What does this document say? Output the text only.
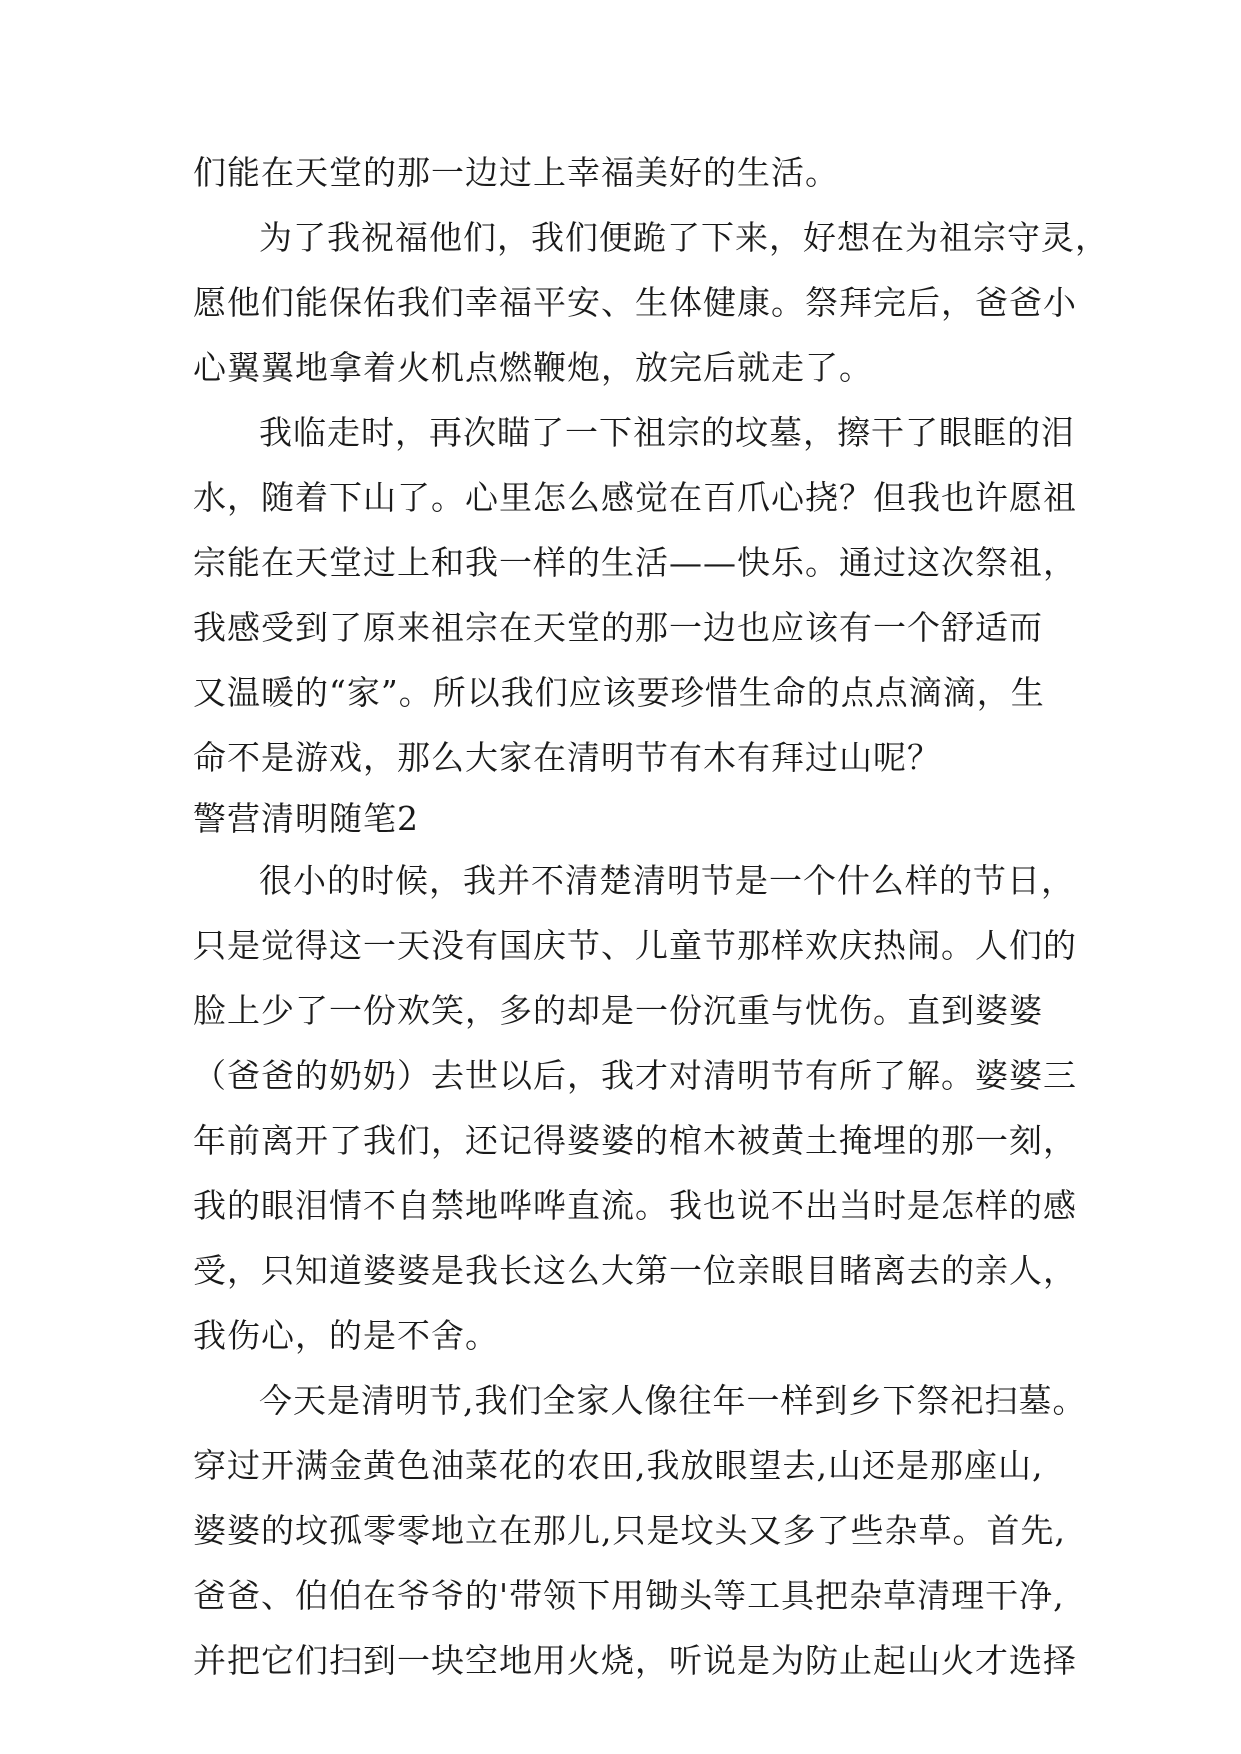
们能在天堂的那一边过上幸福美好的生活。
为了我祝福他们，我们便跪了下来，好想在为祖宗守灵，
愿他们能保佑我们幸福平安、生体健康。祭拜完后，爸爸小
心翼翼地拿着火机点燃鞭炮，放完后就走了。
我临走时，再次瞄了一下祖宗的坟墓，擦干了眼眶的泪
水，随着下山了。心里怎么感觉在百爪心挠？但我也许愿祖
宗能在天堂过上和我一样的生活——快乐。通过这次祭祖，
我感受到了原来祖宗在天堂的那一边也应该有一个舒适而
又温暖的“家”。所以我们应该要珍惜生命的点点滴滴，生
命不是游戏，那么大家在清明节有木有拜过山呢？
警营清明随笔2
很小的时候，我并不清楚清明节是一个什么样的节日，
只是觉得这一天没有国庆节、儿童节那样欢庆热闹。人们的
脸上少了一份欢笑，多的却是一份沉重与忧伤。直到婆婆
（爸爸的奶奶）去世以后，我才对清明节有所了解。婆婆三
年前离开了我们，还记得婆婆的棺木被黄土掩埋的那一刻，
我的眼泪情不自禁地哗哗直流。我也说不出当时是怎样的感
受，只知道婆婆是我长这么大第一位亲眼目睹离去的亲人，
我伤心，的是不舍。
今天是清明节,我们全家人像往年一样到乡下祭祀扫墓。
穿过开满金黄色油菜花的农田,我放眼望去,山还是那座山,
婆婆的坟孤零零地立在那儿,只是坟头又多了些杂草。首先,
爸爸、伯伯在爷爷的'带领下用锄头等工具把杂草清理干净,
并把它们扫到一块空地用火烧，听说是为防止起山火才选择
